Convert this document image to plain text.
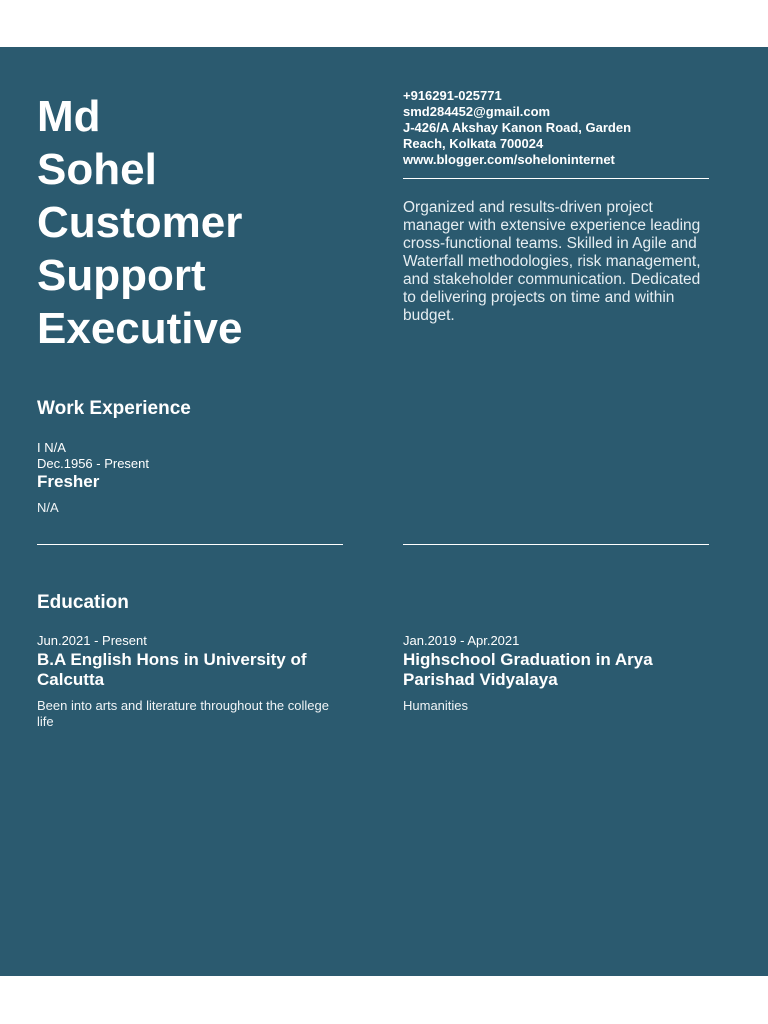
Md
Sohel
Customer
Support
Executive
+916291-025771
smd284452@gmail.com
J-426/A Akshay Kanon Road, Garden
Reach, Kolkata 700024
www.blogger.com/soheloninternet

Organized and results-driven project manager with extensive experience leading cross-functional teams. Skilled in Agile and Waterfall methodologies, risk management, and stakeholder communication. Dedicated to delivering projects on time and within budget.

Work Experience
I N/A
Dec.1956 - Present
Fresher
N/A
Education
Jun.2021 - Present
B.A English Hons in University of Calcutta
Been into arts and literature throughout the college life
Jan.2019 - Apr.2021
Highschool Graduation in Arya Parishad Vidyalaya
Humanities
